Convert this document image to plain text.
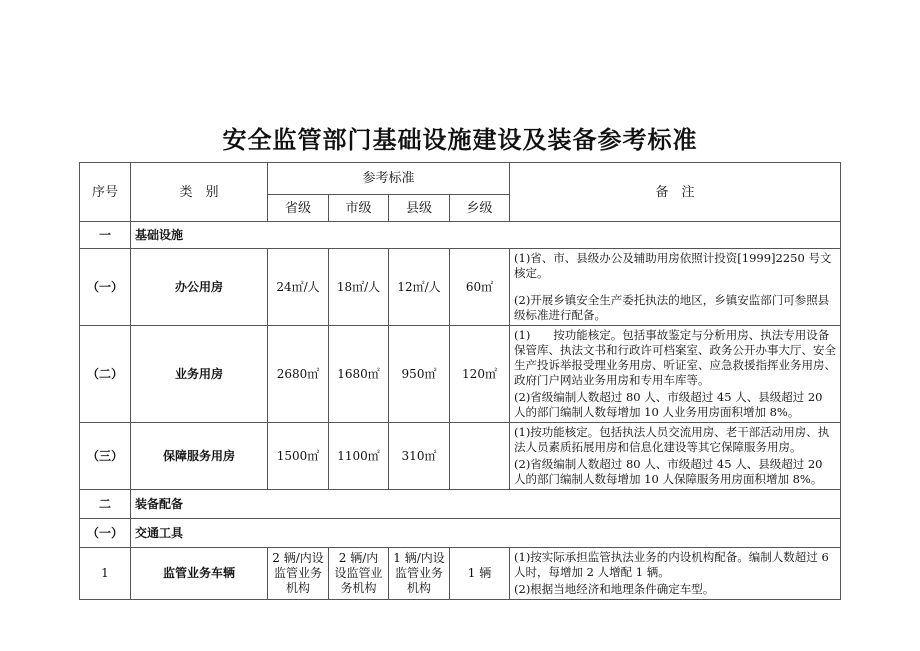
安全监管部门基础设施建设及装备参考标准
序号	类　别	参考标准				备　注
		省级	市级	县级	乡级	
一	基础设施					
（一）	办公用房	24㎡/人	18㎡/人	12㎡/人	60㎡	(1)省、市、县级办公及辅助用房依照计投资[1999]2250 号文核定。

(2)开展乡镇安全生产委托执法的地区，乡镇安监部门可参照县级标准进行配备。

（二）	业务用房	2680㎡	1680㎡	950㎡	120㎡	(1)　　按功能核定。包括事故鉴定与分析用房、执法专用设备保管库、执法文书和行政许可档案室、政务公开办事大厅、安全生产投诉举报受理业务用房、听证室、应急救援指挥业务用房、政府门户网站业务用房和专用车库等。

(2)省级编制人数超过 80 人、市级超过 45 人、县级超过 20 人的部门编制人数每增加 10 人业务用房面积增加 8%。

（三）	保障服务用房	1500㎡	1100㎡	310㎡		(1)按功能核定。包括执法人员交流用房、老干部活动用房、执法人员素质拓展用房和信息化建设等其它保障服务用房。

(2)省级编制人数超过 80 人、市级超过 45 人、县级超过 20 人的部门编制人数每增加 10 人保障服务用房面积增加 8%。

二	装备配备					
（一）	交通工具					
1	监管业务车辆	2 辆/内设监管业务机构	2 辆/内设监管业务机构	1 辆/内设监管业务机构	1 辆	(1)按实际承担监管执法业务的内设机构配备。编制人数超过 6 人时，每增加 2 人增配 1 辆。

(2)根据当地经济和地理条件确定车型。
